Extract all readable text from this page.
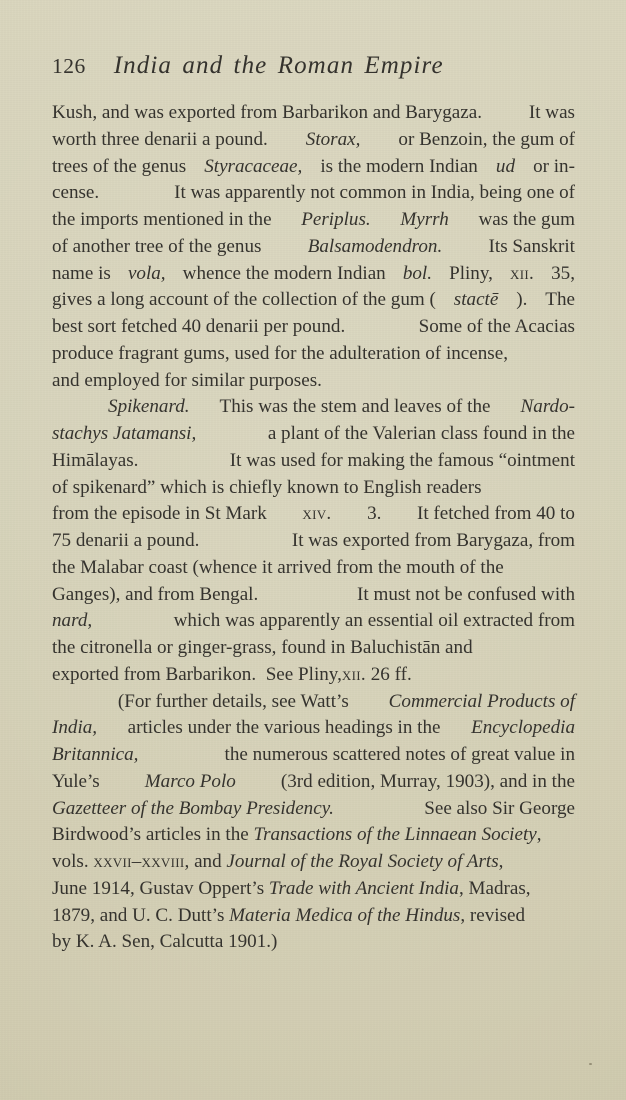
126 India and the Roman Empire

Kush, and was exported from Barbarikon and Barygaza. It was
worth three denarii a pound. Storax, or Benzoin, the gum of
trees of the genus Styracaceae, is the modern Indian ud or in-
cense.	It was apparently not common in India, being one of
the imports mentioned in the Periplus. Myrrh was the gum
of another tree of the genus Balsamodendron. Its Sanskrit
name is vola, whence the modern Indian bol. Pliny, xii. 35,
gives a long account of the collection of the gum ( stactē ). The
best sort fetched 40 denarii per pound.	Some of the Acacias
produce fragrant gums, used for the adulteration of incense,
and employed for similar purposes.

Spikenard. This was the stem and leaves of the Nardo-
stachys Jatamansi,	a plant of the Valerian class found in the
Himālayas.	It was used for making the famous “ointment
of spikenard” which is chiefly known to English readers
from the episode in St Mark xiv. 3. It fetched from 40 to
75 denarii a pound.	It was exported from Barygaza, from
the Malabar coast (whence it arrived from the mouth of the
Ganges), and from Bengal.	It must not be confused with
nard,	which was apparently an essential oil extracted from
the citronella or ginger-grass, found in Baluchistān and
exported from Barbarikon. See Pliny,xii. 26 ff.

(For further details, see Watt’s Commercial Products of
India, articles under the various headings in the Encyclopedia
Britannica,	the numerous scattered notes of great value in
Yule’s Marco Polo (3rd edition, Murray, 1903), and in the
Gazetteer of the Bombay Presidency.	See also Sir George
Birdwood’s articles in the Transactions of the Linnaean Society,
vols. xxvii–xxviii, and Journal of the Royal Society of Arts,
June 1914, Gustav Oppert’s Trade with Ancient India, Madras,
1879, and U. C. Dutt’s Materia Medica of the Hindus, revised
by K. A. Sen, Calcutta 1901.)
